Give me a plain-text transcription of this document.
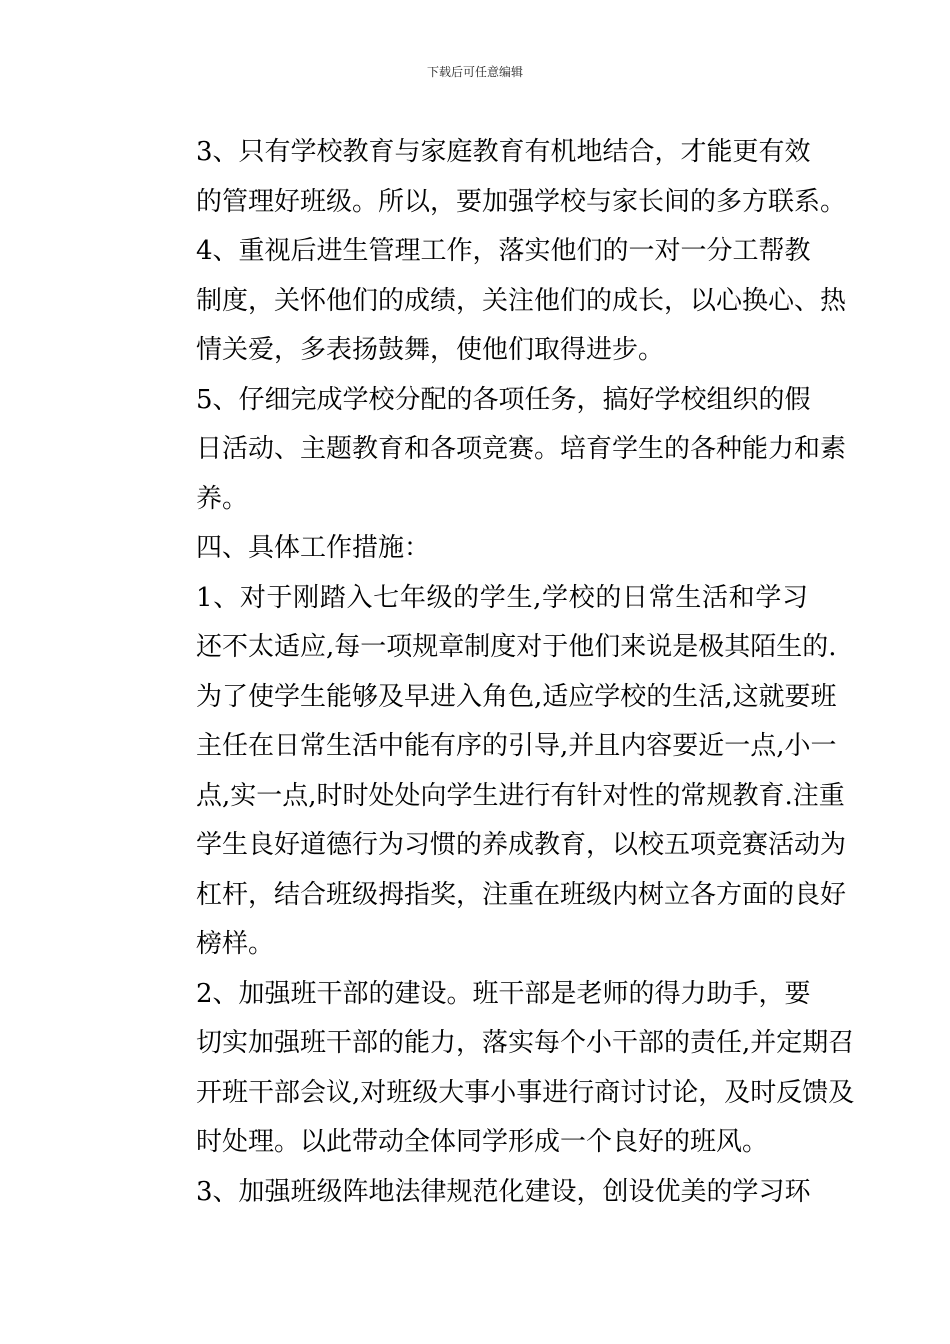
下载后可任意编辑

3、只有学校教育与家庭教育有机地结合，才能更有效
的管理好班级。所以，要加强学校与家长间的多方联系。

4、重视后进生管理工作，落实他们的一对一分工帮教
制度，关怀他们的成绩，关注他们的成长，以心换心、热
情关爱，多表扬鼓舞，使他们取得进步。

5、仔细完成学校分配的各项任务，搞好学校组织的假
日活动、主题教育和各项竞赛。培育学生的各种能力和素
养。

四、具体工作措施：

1、对于刚踏入七年级的学生,学校的日常生活和学习
还不太适应,每一项规章制度对于他们来说是极其陌生的.
为了使学生能够及早进入角色,适应学校的生活,这就要班
主任在日常生活中能有序的引导,并且内容要近一点,小一
点,实一点,时时处处向学生进行有针对性的常规教育.注重
学生良好道德行为习惯的养成教育，以校五项竞赛活动为
杠杆，结合班级拇指奖，注重在班级内树立各方面的良好
榜样。

2、加强班干部的建设。班干部是老师的得力助手，要
切实加强班干部的能力，落实每个小干部的责任,并定期召
开班干部会议,对班级大事小事进行商讨讨论，及时反馈及
时处理。以此带动全体同学形成一个良好的班风。

3、加强班级阵地法律规范化建设，创设优美的学习环
